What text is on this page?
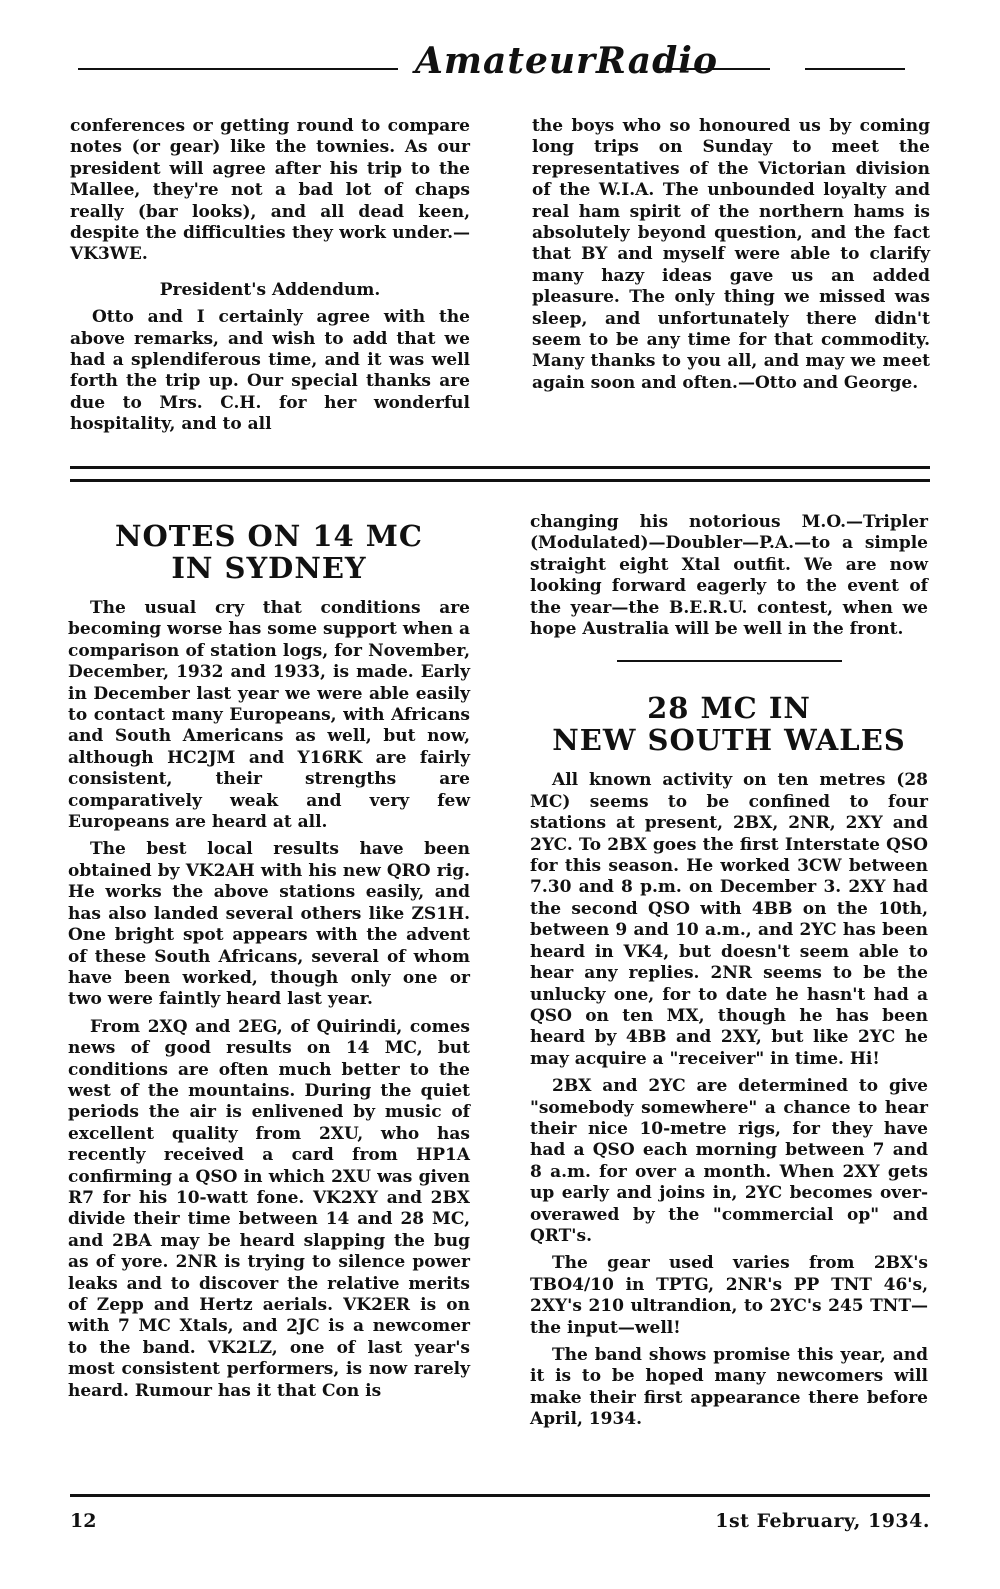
AmateurRadio

conferences or getting round to compare notes (or gear) like the townies. As our president will agree after his trip to the Mallee, they're not a bad lot of chaps really (bar looks), and all dead keen, despite the difficulties they work under.—VK3WE.

President's Addendum.

Otto and I certainly agree with the above remarks, and wish to add that we had a splendiferous time, and it was well forth the trip up. Our special thanks are due to Mrs. C.H. for her wonderful hospitality, and to all

the boys who so honoured us by coming long trips on Sunday to meet the representatives of the Victorian division of the W.I.A. The unbounded loyalty and real ham spirit of the northern hams is absolutely beyond question, and the fact that BY and myself were able to clarify many hazy ideas gave us an added pleasure. The only thing we missed was sleep, and unfortunately there didn't seem to be any time for that commodity. Many thanks to you all, and may we meet again soon and often.—Otto and George.

NOTES ON 14 MC
IN SYDNEY

The usual cry that conditions are becoming worse has some support when a comparison of station logs, for November, December, 1932 and 1933, is made. Early in December last year we were able easily to contact many Europeans, with Africans and South Americans as well, but now, although HC2JM and Y16RK are fairly consistent, their strengths are comparatively weak and very few Europeans are heard at all.

The best local results have been obtained by VK2AH with his new QRO rig. He works the above stations easily, and has also landed several others like ZS1H. One bright spot appears with the advent of these South Africans, several of whom have been worked, though only one or two were faintly heard last year.

From 2XQ and 2EG, of Quirindi, comes news of good results on 14 MC, but conditions are often much better to the west of the mountains. During the quiet periods the air is enlivened by music of excellent quality from 2XU, who has recently received a card from HP1A confirming a QSO in which 2XU was given R7 for his 10-watt fone. VK2XY and 2BX divide their time between 14 and 28 MC, and 2BA may be heard slapping the bug as of yore. 2NR is trying to silence power leaks and to discover the relative merits of Zepp and Hertz aerials. VK2ER is on with 7 MC Xtals, and 2JC is a newcomer to the band. VK2LZ, one of last year's most consistent performers, is now rarely heard. Rumour has it that Con is

changing his notorious M.O.—Tripler (Modulated)—Doubler—P.A.—to a simple straight eight Xtal outfit. We are now looking forward eagerly to the event of the year—the B.E.R.U. contest, when we hope Australia will be well in the front.

28 MC IN
NEW SOUTH WALES

All known activity on ten metres (28 MC) seems to be confined to four stations at present, 2BX, 2NR, 2XY and 2YC. To 2BX goes the first Interstate QSO for this season. He worked 3CW between 7.30 and 8 p.m. on December 3. 2XY had the second QSO with 4BB on the 10th, between 9 and 10 a.m., and 2YC has been heard in VK4, but doesn't seem able to hear any replies. 2NR seems to be the unlucky one, for to date he hasn't had a QSO on ten MX, though he has been heard by 4BB and 2XY, but like 2YC he may acquire a "receiver" in time. Hi!

2BX and 2YC are determined to give "somebody somewhere" a chance to hear their nice 10-metre rigs, for they have had a QSO each morning between 7 and 8 a.m. for over a month. When 2XY gets up early and joins in, 2YC becomes over-overawed by the "commercial op" and QRT's.

The gear used varies from 2BX's TBO4/10 in TPTG, 2NR's PP TNT 46's, 2XY's 210 ultrandion, to 2YC's 245 TNT—the input—well!

The band shows promise this year, and it is to be hoped many newcomers will make their first appearance there before April, 1934.

12	1st February, 1934.
